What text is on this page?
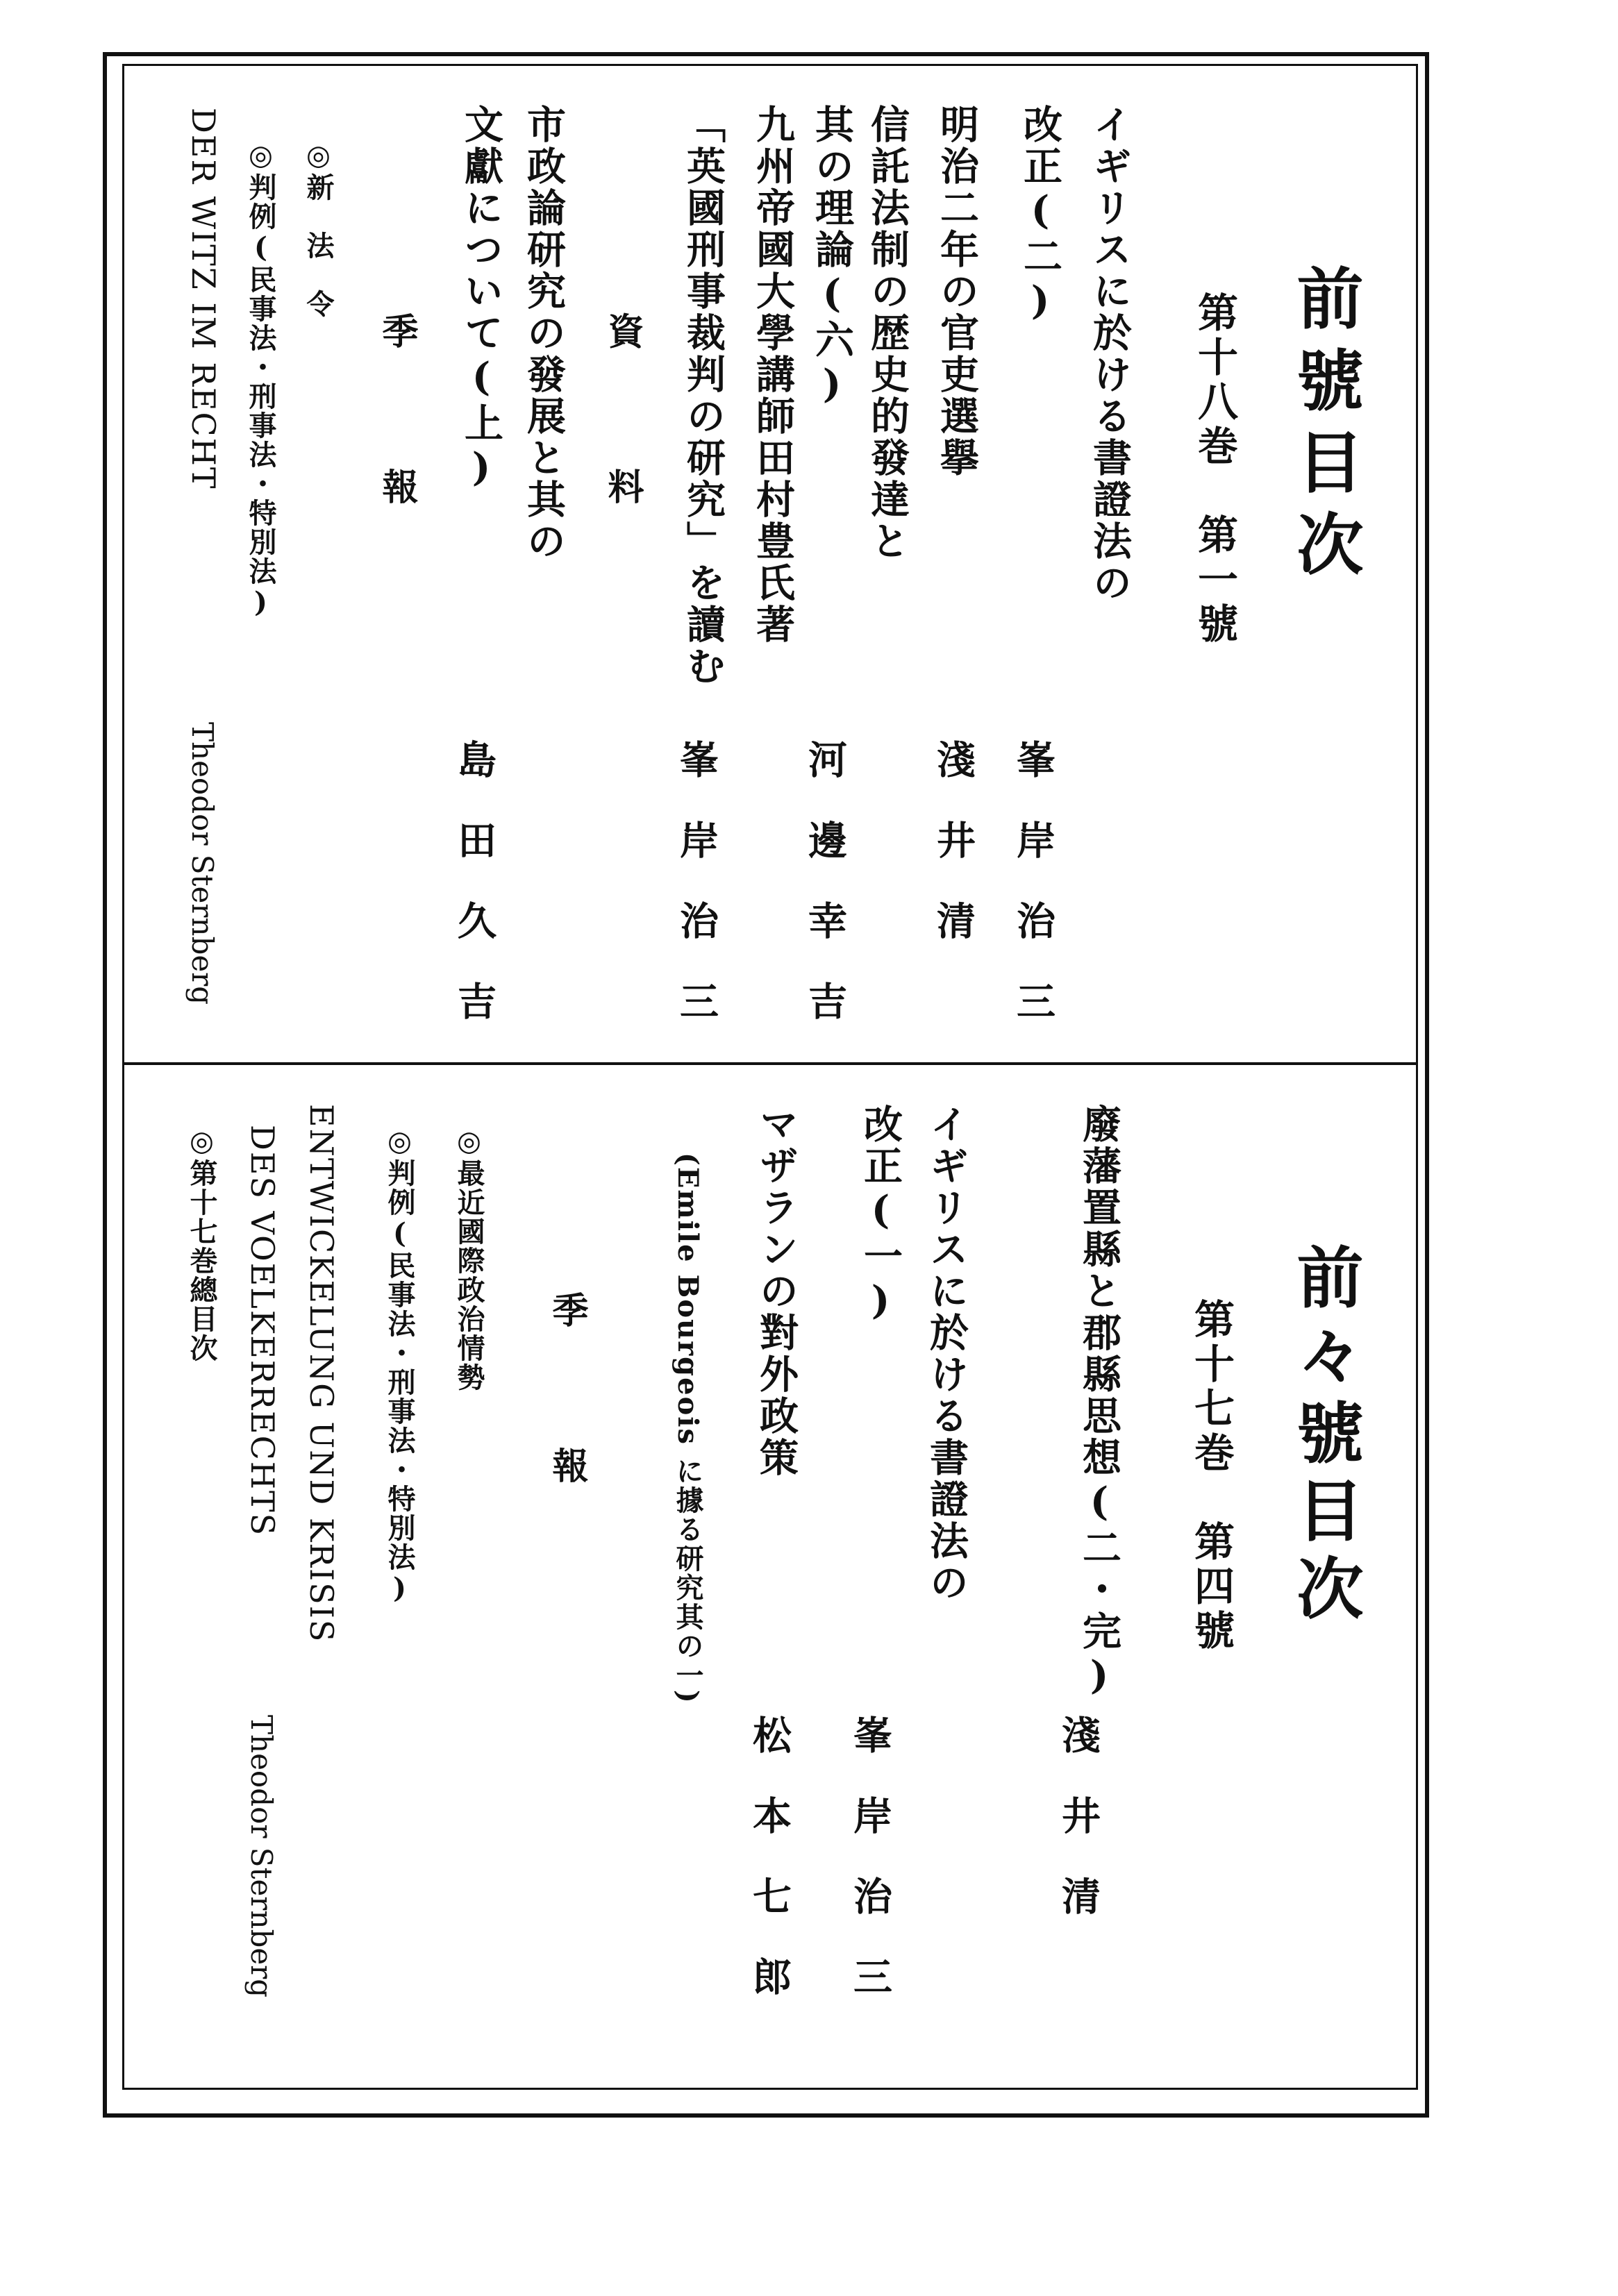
前號目次
第十八巻　第一號
イギリスに於ける書證法の
峯岸治三
改正(二)
明治二年の官吏選擧
淺井清
信託法制の歴史的發達と
河邊幸吉
其の理論(六)
九州帝國大學講師田村豊氏著
「英國刑事裁判の研究」を讀む
峯岸治三
資　料
市政論研究の發展と其の
島田久吉
文獻について(上)
季　報
◎新　法　令
◎判例(民事法・刑事法・特別法)
DER WITZ IM RECHT
Theodor Sternberg
前々號目次
第十七巻　第四號
廢藩置縣と郡縣思想(二・完)
淺井清
イギリスに於ける書證法の
峯岸治三
改正(一)
マザランの對外政策
松本七郎
(Emile Bourgeois に據る研究其の一)
季　報
◎最近國際政治情勢
◎判例(民事法・刑事法・特別法)
ENTWICKELUNG UND KRISIS
DES VOELKERRECHTS
Theodor Sternberg
◎第十七巻總目次
